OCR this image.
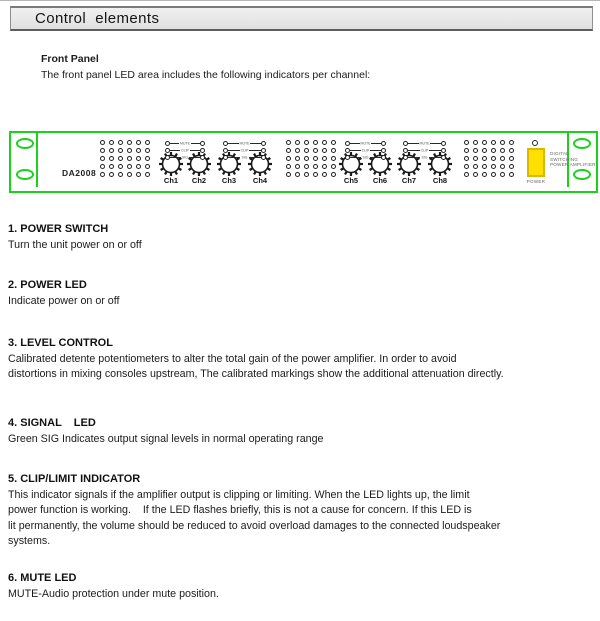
Control  elements
Front Panel
The front panel LED area includes the following indicators per channel:
DA2008
Ch1	Ch2	Ch3	Ch4	Ch5	Ch6	Ch7	Ch8
MUTE
CLIP
SIG
MUTE
CLIP
SIG
MUTE
CLIP
SIG
MUTE
CLIP
SIG
POWER
DIGITAL
SWITCHING
POWER AMPLIFIER
1. POWER SWITCH
Turn the unit power on or off
2. POWER LED
Indicate power on or off
3. LEVEL CONTROL
Calibrated detente potentiometers to alter the total gain of the power amplifier. In order to avoid
distortions in mixing consoles upstream, The calibrated markings show the additional attenuation directly.
4. SIGNAL    LED
Green SIG Indicates output signal levels in normal operating range
5. CLIP/LIMIT INDICATOR
This indicator signals if the amplifier output is clipping or limiting. When the LED lights up, the limit
power function is working.    If the LED flashes briefly, this is not a cause for concern. If this LED is
lit permanently, the volume should be reduced to avoid overload damages to the connected loudspeaker
systems.
6. MUTE LED
MUTE-Audio protection under mute position.
